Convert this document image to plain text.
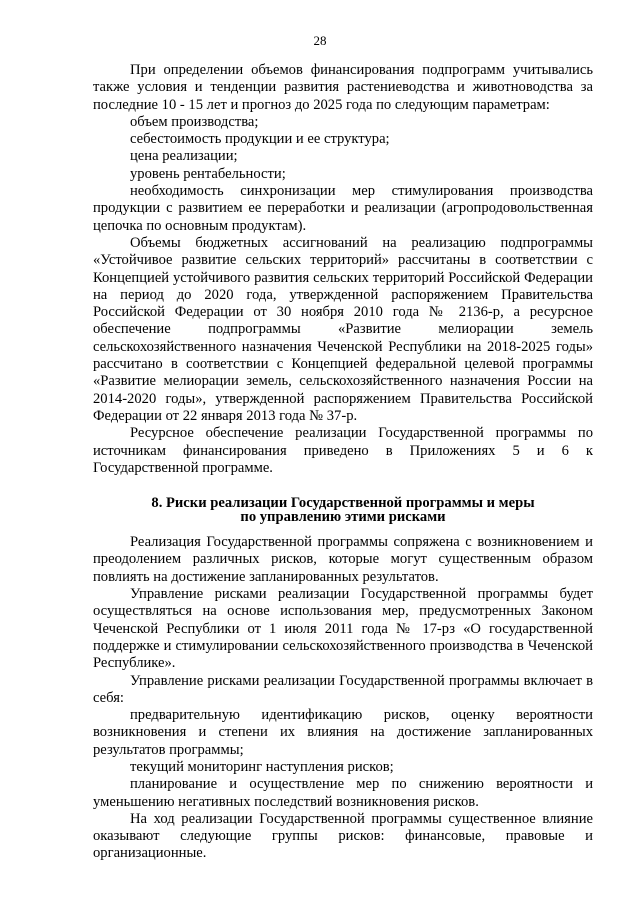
28

При определении объемов финансирования подпрограмм учитывались также условия и тенденции развития растениеводства и животноводства за последние 10 - 15 лет и прогноз до 2025 года по следующим параметрам:

объем производства;

себестоимость продукции и ее структура;

цена реализации;

уровень рентабельности;

необходимость синхронизации мер стимулирования производства продукции с развитием ее переработки и реализации (агропродовольственная цепочка по основным продуктам).

Объемы бюджетных ассигнований на реализацию подпрограммы «Устойчивое развитие сельских территорий» рассчитаны в соответствии с Концепцией устойчивого развития сельских территорий Российской Федерации на период до 2020 года, утвержденной распоряжением Правительства Российской Федерации от 30 ноября 2010 года № 2136-р, а ресурсное обеспечение подпрограммы «Развитие мелиорации земель сельскохозяйственного назначения Чеченской Республики на 2018-2025 годы» рассчитано в соответствии с Концепцией федеральной целевой программы «Развитие мелиорации земель, сельскохозяйственного назначения России на 2014-2020 годы», утвержденной распоряжением Правительства Российской Федерации от 22 января 2013 года № 37-р.

Ресурсное обеспечение реализации Государственной программы по источникам финансирования приведено в Приложениях 5 и 6 к Государственной программе.

8. Риски реализации Государственной программы и меры
по управлению этими рисками

Реализация Государственной программы сопряжена с возникновением и преодолением различных рисков, которые могут существенным образом повлиять на достижение запланированных результатов.

Управление рисками реализации Государственной программы будет осуществляться на основе использования мер, предусмотренных Законом Чеченской Республики от 1 июля 2011 года № 17-рз «О государственной поддержке и стимулировании сельскохозяйственного производства в Чеченской Республике».

Управление рисками реализации Государственной программы включает в себя:

предварительную идентификацию рисков, оценку вероятности возникновения и степени их влияния на достижение запланированных результатов программы;

текущий мониторинг наступления рисков;

планирование и осуществление мер по снижению вероятности и уменьшению негативных последствий возникновения рисков.

На ход реализации Государственной программы существенное влияние оказывают следующие группы рисков: финансовые, правовые и организационные.
